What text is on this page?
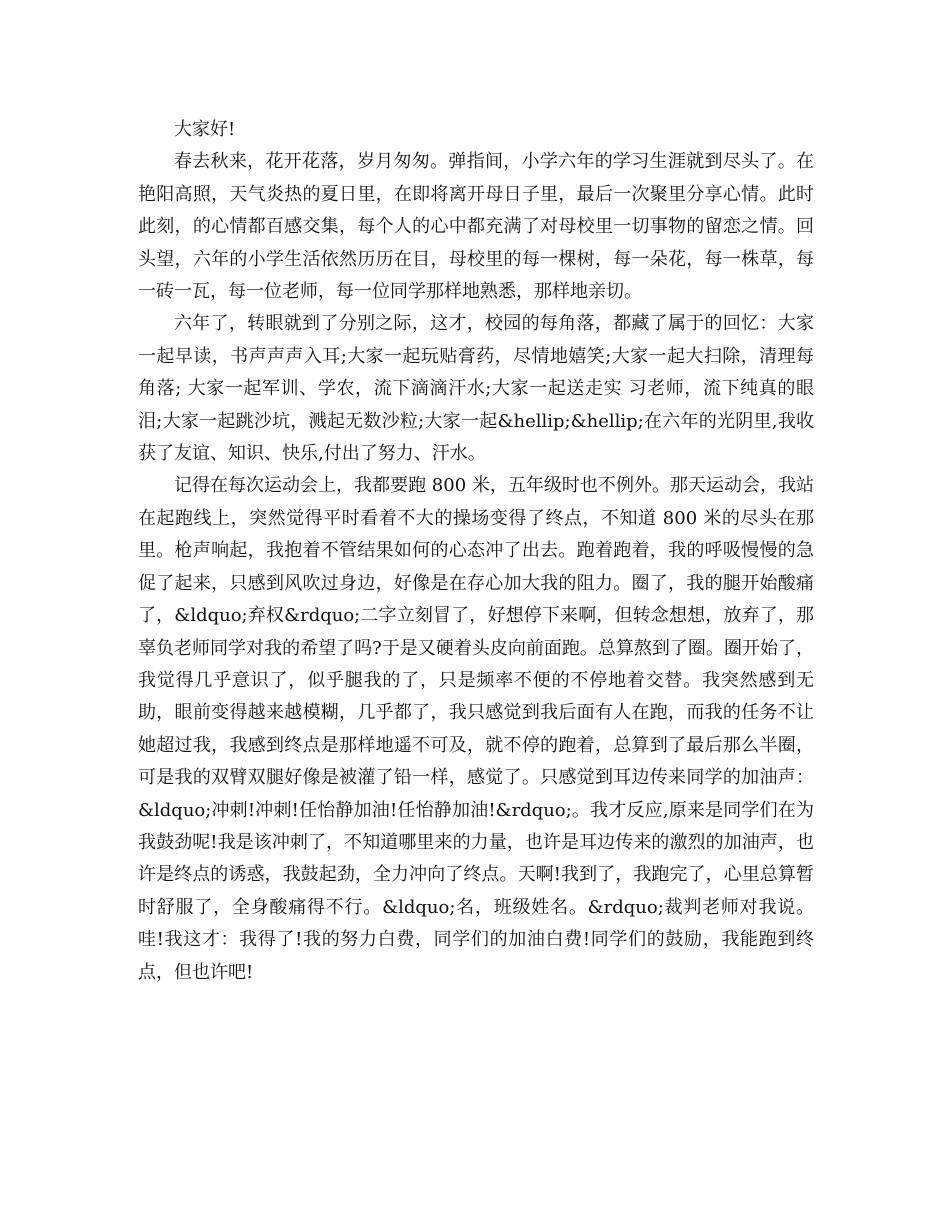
大家好!

春去秋来，花开花落，岁月匆匆。弹指间，小学六年的学习生涯就到尽头了。在艳阳高照，天气炎热的夏日里，在即将离开母日子里，最后一次聚里分享心情。此时此刻，的心情都百感交集，每个人的心中都充满了对母校里一切事物的留恋之情。回头望，六年的小学生活依然历历在目，母校里的每一棵树，每一朵花，每一株草，每一砖一瓦，每一位老师，每一位同学那样地熟悉，那样地亲切。

六年了，转眼就到了分别之际，这才，校园的每角落，都藏了属于的回忆：大家一起早读，书声声声入耳;大家一起玩贴膏药，尽情地嬉笑;大家一起大扫除，清理每角落; 大家一起军训、学农，流下滴滴汗水;大家一起送走实 习老师，流下纯真的眼泪;大家一起跳沙坑，溅起无数沙粒;大家一起&hellip;&hellip;在六年的光阴里,我收获了友谊、知识、快乐,付出了努力、汗水。

记得在每次运动会上，我都要跑 800 米，五年级时也不例外。那天运动会，我站在起跑线上，突然觉得平时看着不大的操场变得了终点，不知道 800 米的尽头在那里。枪声响起，我抱着不管结果如何的心态冲了出去。跑着跑着，我的呼吸慢慢的急促了起来，只感到风吹过身边，好像是在存心加大我的阻力。圈了，我的腿开始酸痛了，&ldquo;弃权&rdquo;二字立刻冒了，好想停下来啊，但转念想想，放弃了，那辜负老师同学对我的希望了吗?于是又硬着头皮向前面跑。总算熬到了圈。圈开始了，我觉得几乎意识了，似乎腿我的了，只是频率不便的不停地着交替。我突然感到无助，眼前变得越来越模糊，几乎都了，我只感觉到我后面有人在跑，而我的任务不让她超过我，我感到终点是那样地遥不可及，就不停的跑着，总算到了最后那么半圈，可是我的双臂双腿好像是被灌了铅一样，感觉了。只感觉到耳边传来同学的加油声：&ldquo;冲刺!冲刺!任怡静加油!任怡静加油!&rdquo;。我才反应,原来是同学们在为我鼓劲呢!我是该冲刺了，不知道哪里来的力量，也许是耳边传来的激烈的加油声，也许是终点的诱惑，我鼓起劲，全力冲向了终点。天啊!我到了，我跑完了，心里总算暂时舒服了，全身酸痛得不行。&ldquo;名，班级姓名。&rdquo;裁判老师对我说。哇!我这才：我得了!我的努力白费，同学们的加油白费!同学们的鼓励，我能跑到终点，但也许吧!
